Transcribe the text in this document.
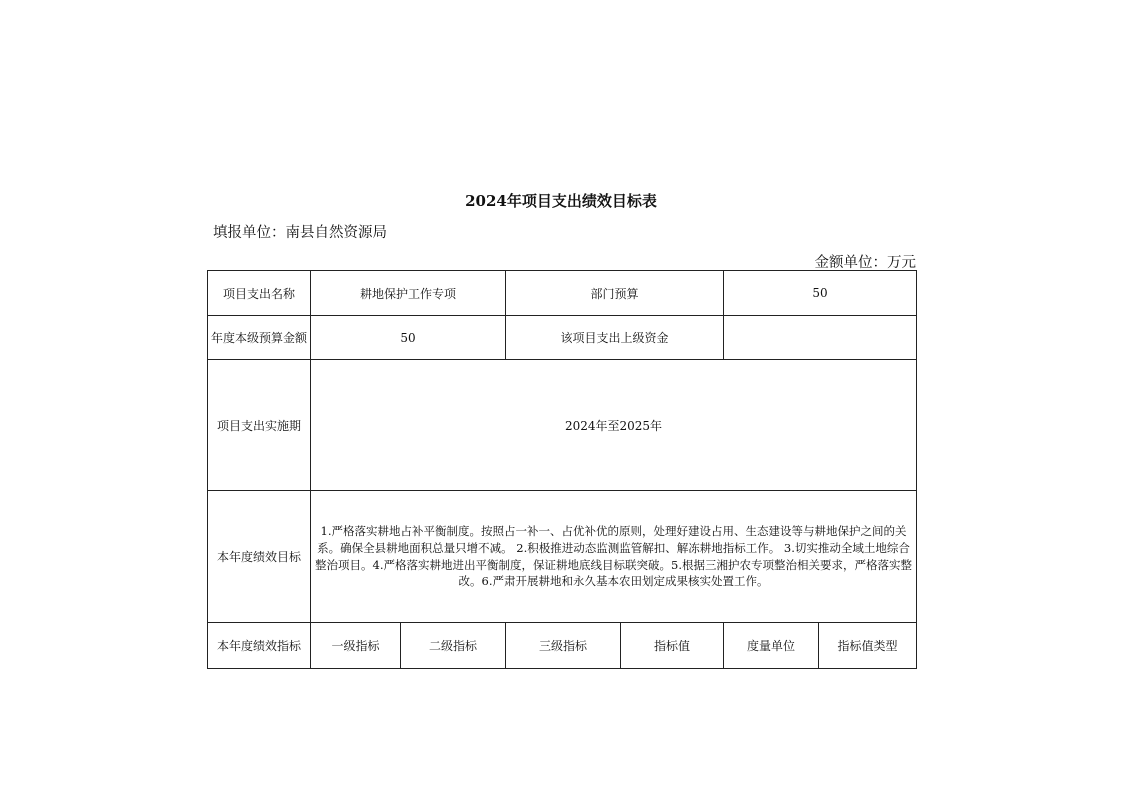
2024年项目支出绩效目标表
填报单位：南县自然资源局
金额单位：万元
项目支出名称	耕地保护工作专项		部门预算		50	
年度本级预算金额	50		该项目支出上级资金			
项目支出实施期	2024年至2025年					
本年度绩效目标	1.严格落实耕地占补平衡制度。按照占一补一、占优补优的原则，处理好建设占用、生态建设等与耕地保护之间的关系。确保全县耕地面积总量只增不减。 2.积极推进动态监测监管解扣、解冻耕地指标工作。 3.切实推动全域土地综合整治项目。4.严格落实耕地进出平衡制度，保证耕地底线目标联突破。5.根据三湘护农专项整治相关要求，严格落实整改。6.严肃开展耕地和永久基本农田划定成果核实处置工作。					
本年度绩效指标	一级指标	二级指标	三级指标	指标值	度量单位	指标值类型
